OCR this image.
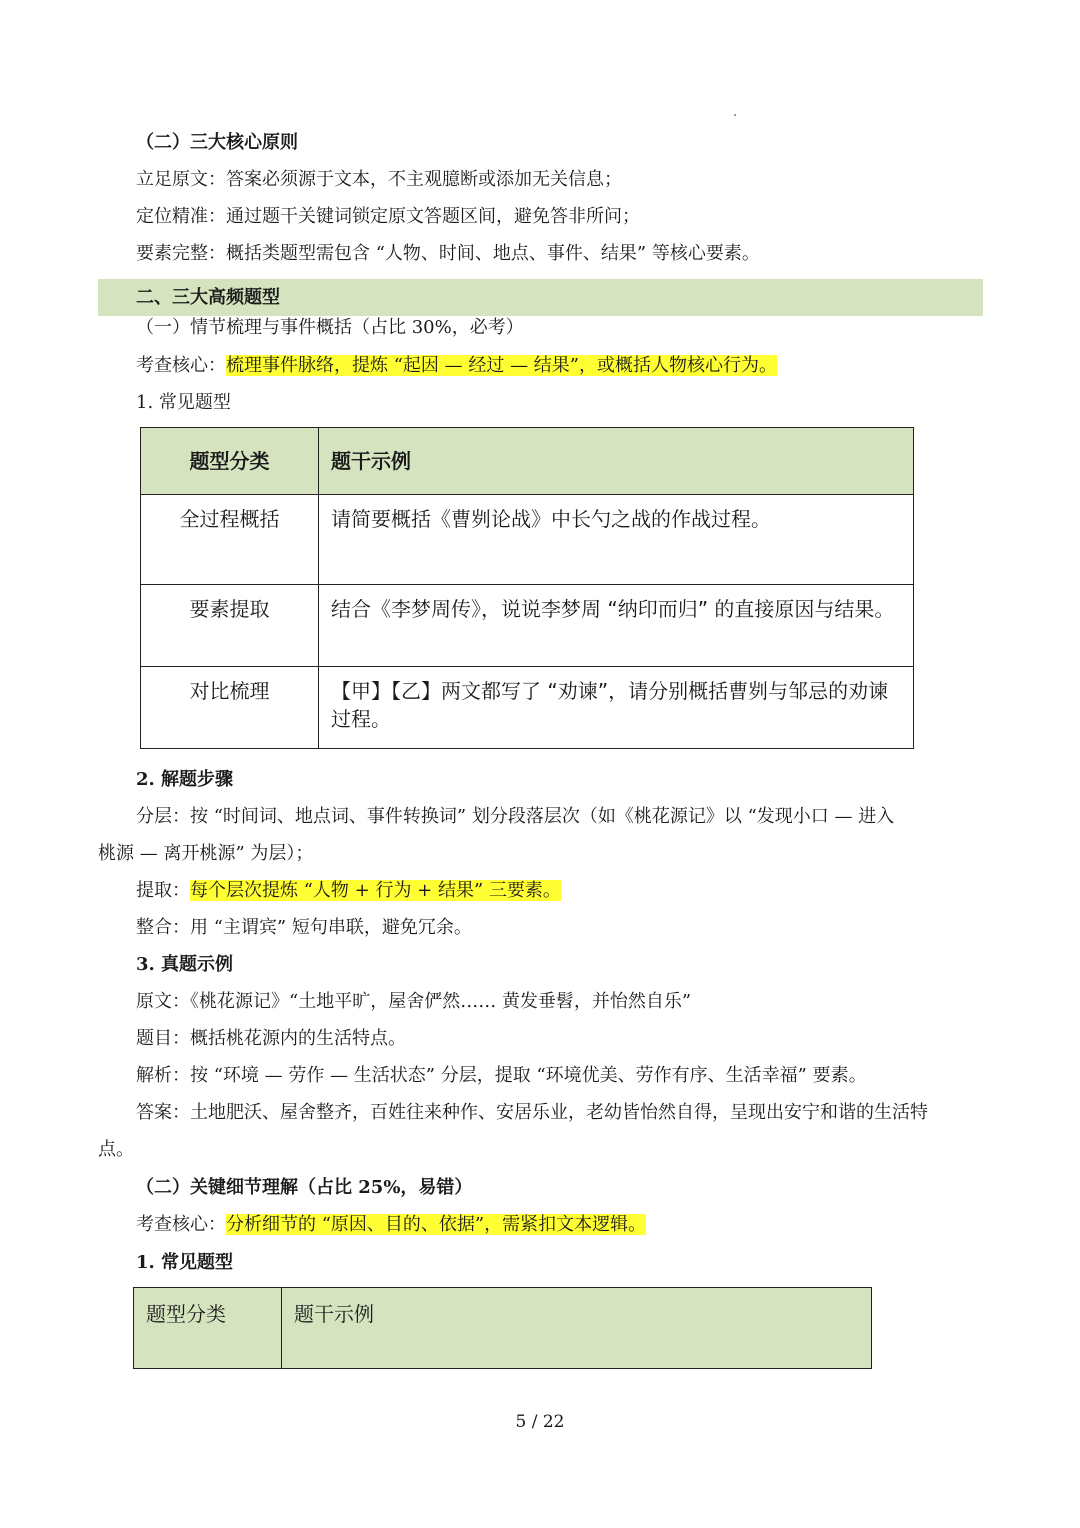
（二）三大核心原则
立足原文：答案必须源于文本，不主观臆断或添加无关信息；
定位精准：通过题干关键词锁定原文答题区间，避免答非所问；
要素完整：概括类题型需包含 “人物、时间、地点、事件、结果” 等核心要素。
二、三大高频题型
（一）情节梳理与事件概括（占比 30%，必考）
考查核心：梳理事件脉络，提炼 “起因 — 经过 — 结果”，或概括人物核心行为。
1. 常见题型
题型分类	题干示例
全过程概括	请简要概括《曹刿论战》中长勺之战的作战过程。
要素提取	结合《李梦周传》，说说李梦周 “纳印而归” 的直接原因与结果。
对比梳理	【甲】【乙】两文都写了 “劝谏”，请分别概括曹刿与邹忌的劝谏过程。
2. 解题步骤
分层：按 “时间词、地点词、事件转换词” 划分段落层次（如《桃花源记》以 “发现小口 — 进入
桃源 — 离开桃源” 为层）；
提取：每个层次提炼 “人物 + 行为 + 结果” 三要素。
整合：用 “主谓宾” 短句串联，避免冗余。
3. 真题示例
原文：《桃花源记》“土地平旷，屋舍俨然…… 黄发垂髫，并怡然自乐”
题目：概括桃花源内的生活特点。
解析：按 “环境 — 劳作 — 生活状态” 分层，提取 “环境优美、劳作有序、生活幸福” 要素。
答案：土地肥沃、屋舍整齐，百姓往来种作、安居乐业，老幼皆怡然自得，呈现出安宁和谐的生活特
点。
（二）关键细节理解（占比 25%，易错）
考查核心：分析细节的 “原因、目的、依据”，需紧扣文本逻辑。
1. 常见题型
题型分类	题干示例
5 / 22
